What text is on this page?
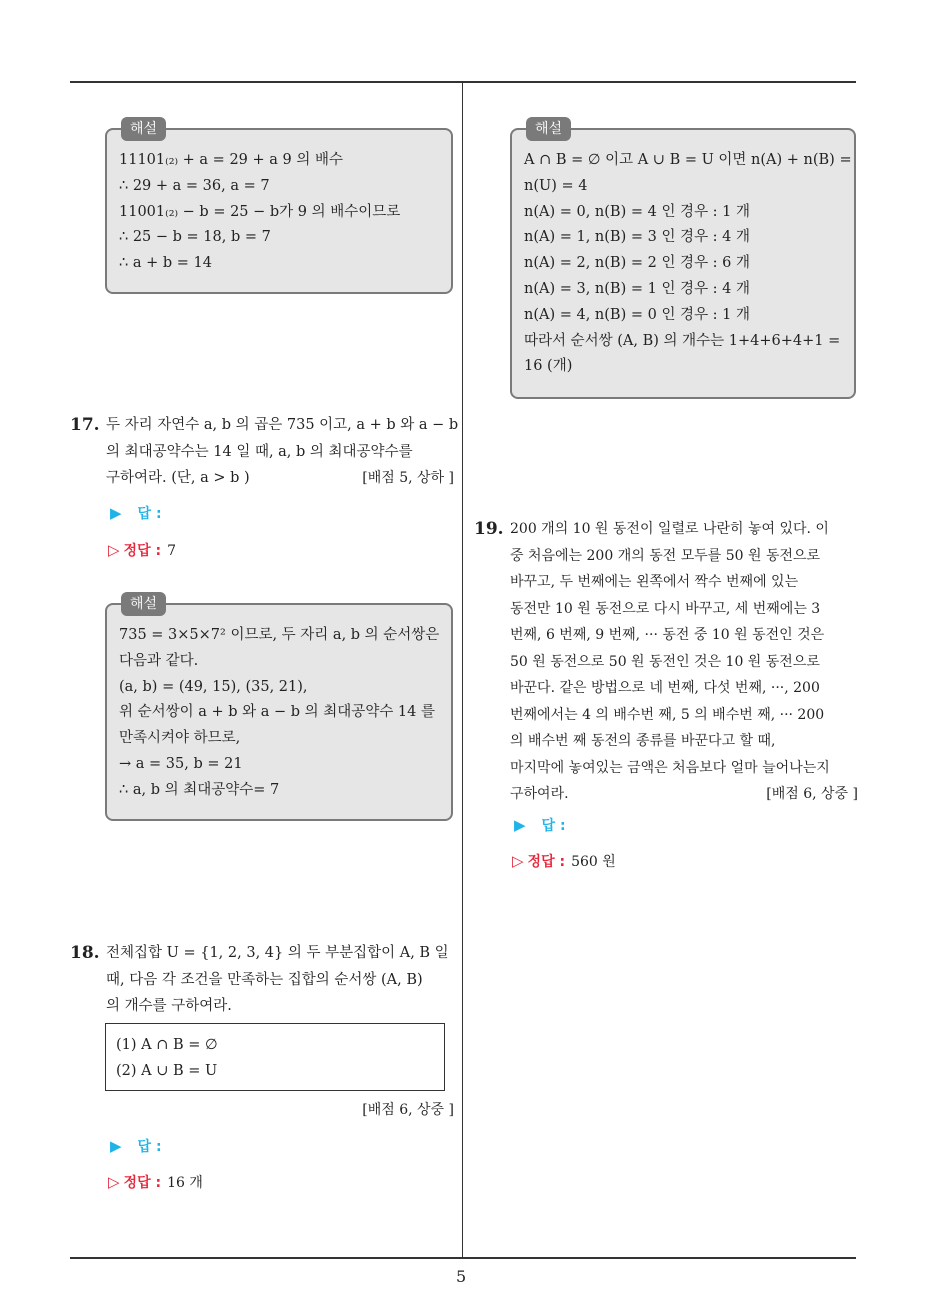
해설
11101₍₂₎ + a = 29 + a 9 의 배수
∴ 29 + a = 36, a = 7
11001₍₂₎ − b = 25 − b가 9 의 배수이므로
∴ 25 − b = 18, b = 7
∴ a + b = 14
17. 두 자리 자연수 a, b 의 곱은 735 이고, a + b 와 a − b
의 최대공약수는 14 일 때, a, b 의 최대공약수를
구하여라. (단, a > b )	[배점 5, 상하 ]
▶ 답 :
▷ 정답 : 7
해설
735 = 3×5×7² 이므로, 두 자리 a, b 의 순서쌍은
다음과 같다.
(a, b) = (49, 15), (35, 21),
위 순서쌍이 a + b 와 a − b 의 최대공약수 14 를
만족시켜야 하므로,
→ a = 35, b = 21
∴ a, b 의 최대공약수= 7
18. 전체집합 U = {1, 2, 3, 4} 의 두 부분집합이 A, B 일
때, 다음 각 조건을 만족하는 집합의 순서쌍 (A, B)
의 개수를 구하여라.
(1) A ∩ B = ∅
(2) A ∪ B = U
[배점 6, 상중 ]
▶ 답 :
▷ 정답 : 16 개
해설
A ∩ B = ∅ 이고 A ∪ B = U 이면 n(A) + n(B) =
n(U) = 4
n(A) = 0, n(B) = 4 인 경우 : 1 개
n(A) = 1, n(B) = 3 인 경우 : 4 개
n(A) = 2, n(B) = 2 인 경우 : 6 개
n(A) = 3, n(B) = 1 인 경우 : 4 개
n(A) = 4, n(B) = 0 인 경우 : 1 개
따라서 순서쌍 (A, B) 의 개수는 1+4+6+4+1 =
16 (개)
19. 200 개의 10 원 동전이 일렬로 나란히 놓여 있다. 이
중 처음에는 200 개의 동전 모두를 50 원 동전으로
바꾸고, 두 번째에는 왼쪽에서 짝수 번째에 있는
동전만 10 원 동전으로 다시 바꾸고, 세 번째에는 3
번째, 6 번째, 9 번째, ··· 동전 중 10 원 동전인 것은
50 원 동전으로 50 원 동전인 것은 10 원 동전으로
바꾼다. 같은 방법으로 네 번째, 다섯 번째, ···, 200
번째에서는 4 의 배수번 째, 5 의 배수번 째, ··· 200
의 배수번 째 동전의 종류를 바꾼다고 할 때,
마지막에 놓여있는 금액은 처음보다 얼마 늘어나는지
구하여라.	[배점 6, 상중 ]
▶ 답 :
▷ 정답 : 560 원
5
